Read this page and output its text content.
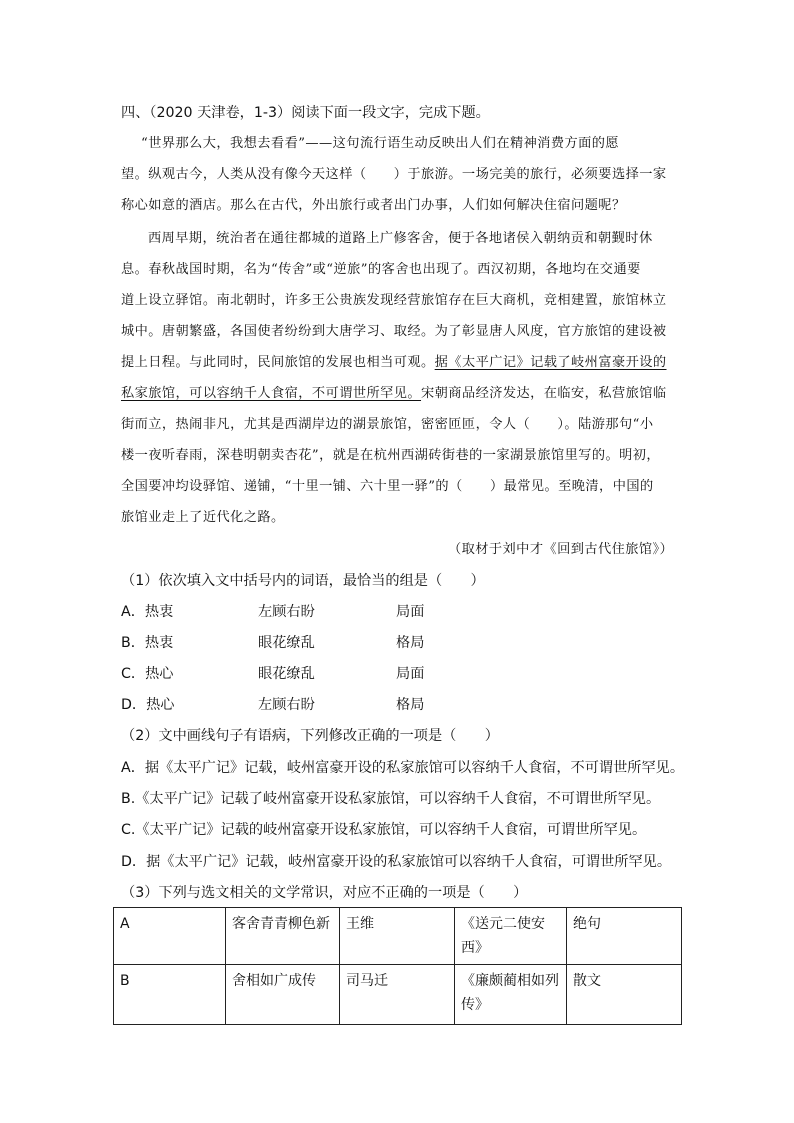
四、（2020 天津卷，1-3）阅读下面一段文字，完成下题。
“世界那么大，我想去看看”——这句流行语生动反映出人们在精神消费方面的愿
望。纵观古今，人类从没有像今天这样（　　）于旅游。一场完美的旅行，必须要选择一家
称心如意的酒店。那么在古代，外出旅行或者出门办事，人们如何解决住宿问题呢？
西周早期，统治者在通往都城的道路上广修客舍，便于各地诸侯入朝纳贡和朝觐时休
息。春秋战国时期，名为“传舍”或“逆旅”的客舍也出现了。西汉初期，各地均在交通要
道上设立驿馆。南北朝时，许多王公贵族发现经营旅馆存在巨大商机，竞相建置，旅馆林立
城中。唐朝繁盛，各国使者纷纷到大唐学习、取经。为了彰显唐人风度，官方旅馆的建设被
提上日程。与此同时，民间旅馆的发展也相当可观。据《太平广记》记载了岐州富豪开设的
私家旅馆，可以容纳千人食宿，不可谓世所罕见。宋朝商品经济发达，在临安，私营旅馆临
街而立，热闹非凡，尤其是西湖岸边的湖景旅馆，密密匝匝，令人（　　）。陆游那句“小
楼一夜听春雨，深巷明朝卖杏花”，就是在杭州西湖砖街巷的一家湖景旅馆里写的。明初，
全国要冲均设驿馆、递铺，“十里一铺、六十里一驿”的（　　）最常见。至晚清，中国的
旅馆业走上了近代化之路。
（取材于刘中才《回到古代住旅馆》）
（1）依次填入文中括号内的词语，最恰当的组是（　　）
A．热衷	左顾右盼	局面
B．热衷	眼花缭乱	格局
C．热心	眼花缭乱	局面
D．热心	左顾右盼	格局
（2）文中画线句子有语病，下列修改正确的一项是（　　）
A．据《太平广记》记载，岐州富豪开设的私家旅馆可以容纳千人食宿，不可谓世所罕见。
B.《太平广记》记载了岐州富豪开设私家旅馆，可以容纳千人食宿，不可谓世所罕见。
C.《太平广记》记载的岐州富豪开设私家旅馆，可以容纳千人食宿，可谓世所罕见。
D．据《太平广记》记载，岐州富豪开设的私家旅馆可以容纳千人食宿，可谓世所罕见。
（3）下列与选文相关的文学常识，对应不正确的一项是（　　）
A	客舍青青柳色新	王维	《送元二使安西》	绝句
B	舍相如广成传	司马迁	《廉颇蔺相如列传》	散文
